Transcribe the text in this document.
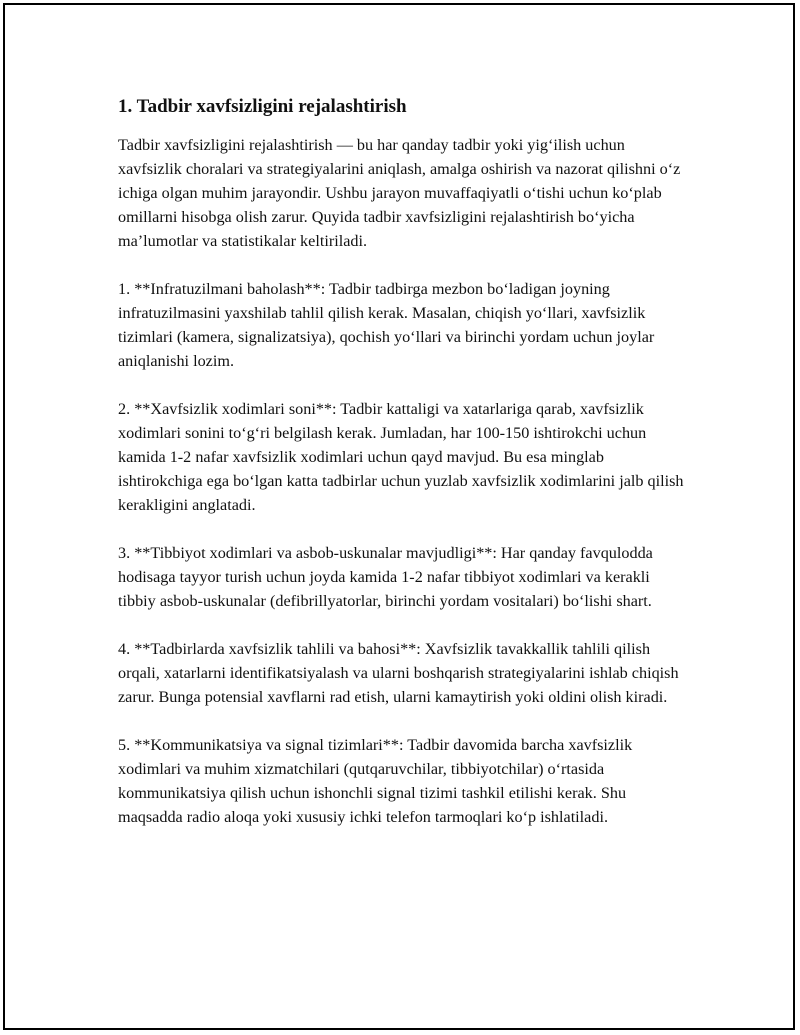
1. Tadbir xavfsizligini rejalashtirish

Tadbir xavfsizligini rejalashtirish — bu har qanday tadbir yoki yig‘ilish uchun xavfsizlik choralari va strategiyalarini aniqlash, amalga oshirish va nazorat qilishni o‘z ichiga olgan muhim jarayondir. Ushbu jarayon muvaffaqiyatli o‘tishi uchun ko‘plab omillarni hisobga olish zarur. Quyida tadbir xavfsizligini rejalashtirish bo‘yicha ma’lumotlar va statistikalar keltiriladi.

1. **Infratuzilmani baholash**: Tadbir tadbirga mezbon bo‘ladigan joyning infratuzilmasini yaxshilab tahlil qilish kerak. Masalan, chiqish yo‘llari, xavfsizlik tizimlari (kamera, signalizatsiya), qochish yo‘llari va birinchi yordam uchun joylar aniqlanishi lozim.

2. **Xavfsizlik xodimlari soni**: Tadbir kattaligi va xatarlariga qarab, xavfsizlik xodimlari sonini to‘g‘ri belgilash kerak. Jumladan, har 100-150 ishtirokchi uchun kamida 1-2 nafar xavfsizlik xodimlari uchun qayd mavjud. Bu esa minglab ishtirokchiga ega bo‘lgan katta tadbirlar uchun yuzlab xavfsizlik xodimlarini jalb qilish kerakligini anglatadi.

3. **Tibbiyot xodimlari va asbob-uskunalar mavjudligi**: Har qanday favqulodda hodisaga tayyor turish uchun joyda kamida 1-2 nafar tibbiyot xodimlari va kerakli tibbiy asbob-uskunalar (defibrillyatorlar, birinchi yordam vositalari) bo‘lishi shart.

4. **Tadbirlarda xavfsizlik tahlili va bahosi**: Xavfsizlik tavakkallik tahlili qilish orqali, xatarlarni identifikatsiyalash va ularni boshqarish strategiyalarini ishlab chiqish zarur. Bunga potensial xavflarni rad etish, ularni kamaytirish yoki oldini olish kiradi.

5. **Kommunikatsiya va signal tizimlari**: Tadbir davomida barcha xavfsizlik xodimlari va muhim xizmatchilari (qutqaruvchilar, tibbiyotchilar) o‘rtasida kommunikatsiya qilish uchun ishonchli signal tizimi tashkil etilishi kerak. Shu maqsadda radio aloqa yoki xususiy ichki telefon tarmoqlari ko‘p ishlatiladi.
